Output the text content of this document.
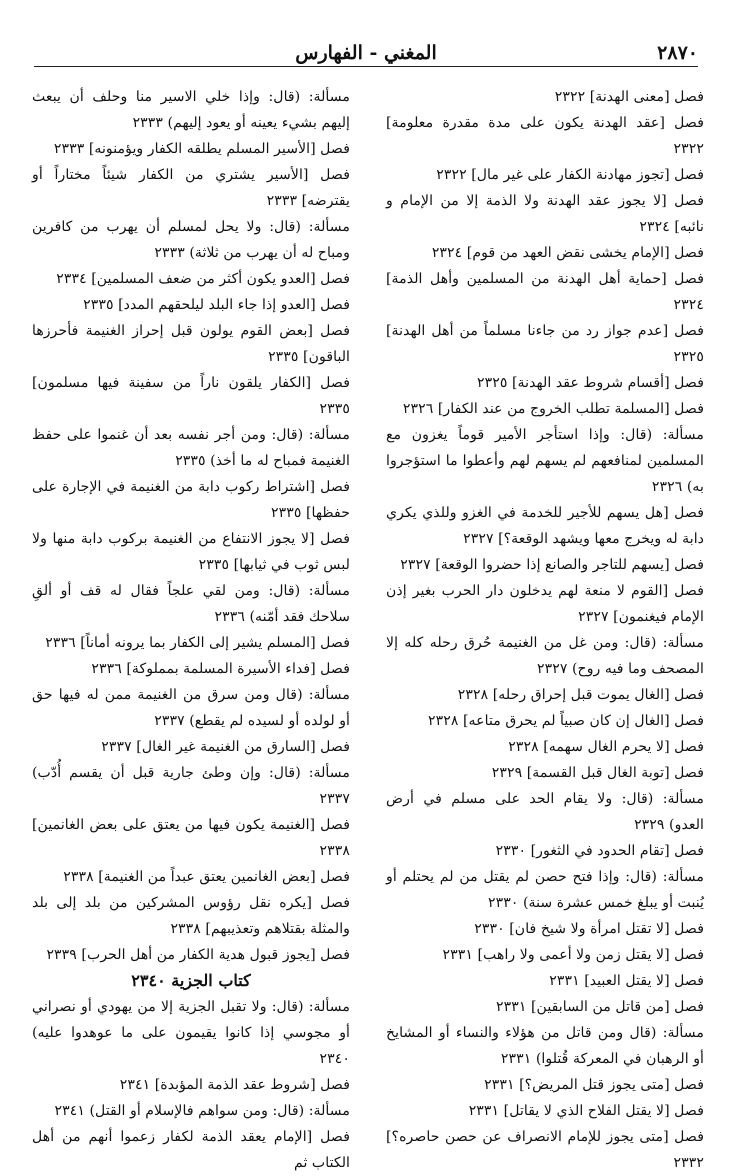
٢٨٧٠
المغني - الفهارس

فصل [معنى الهدنة] ٢٣٢٢

فصل [عقد الهدنة يكون على مدة مقدرة معلومة] ٢٣٢٢

فصل [تجوز مهادنة الكفار على غير مال] ٢٣٢٢

فصل [لا يجوز عقد الهدنة ولا الذمة إلا من الإمام و نائبه] ٢٣٢٤

فصل [الإمام يخشى نقض العهد من قوم] ٢٣٢٤

فصل [حماية أهل الهدنة من المسلمين وأهل الذمة] ٢٣٢٤

فصل [عدم جواز رد من جاءنا مسلماً من أهل الهدنة] ٢٣٢٥

فصل [أقسام شروط عقد الهدنة] ٢٣٢٥

فصل [المسلمة تطلب الخروج من عند الكفار] ٢٣٢٦

مسألة: (قال: وإذا استأجر الأمير قوماً يغزون مع المسلمين لمنافعهم لم يسهم لهم وأعطوا ما استؤجروا به) ٢٣٢٦

فصل [هل يسهم للأجير للخدمة في الغزو وللذي يكري دابة له ويخرج معها ويشهد الوقعة؟] ٢٣٢٧

فصل [يسهم للتاجر والصانع إذا حضروا الوقعة] ٢٣٢٧

فصل [القوم لا منعة لهم يدخلون دار الحرب بغير إذن الإمام فيغنمون] ٢٣٢٧

مسألة: (قال: ومن غل من الغنيمة حُرق رحله كله إلا المصحف وما فيه روح) ٢٣٢٧

فصل [الغال يموت قبل إحراق رحله] ٢٣٢٨

فصل [الغال إن كان صبياً لم يحرق متاعه] ٢٣٢٨

فصل [لا يحرم الغال سهمه] ٢٣٢٨

فصل [توبة الغال قبل القسمة] ٢٣٢٩

مسألة: (قال: ولا يقام الحد على مسلم في أرض العدو) ٢٣٢٩

فصل [تقام الحدود في الثغور] ٢٣٣٠

مسألة: (قال: وإذا فتح حصن لم يقتل من لم يحتلم أو يُنبت أو يبلغ خمس عشرة سنة) ٢٣٣٠

فصل [لا تقتل امرأة ولا شيخ فان] ٢٣٣٠

فصل [لا يقتل زمن ولا أعمى ولا راهب] ٢٣٣١

فصل [لا يقتل العبيد] ٢٣٣١

فصل [من قاتل من السابقين] ٢٣٣١

مسألة: (قال ومن قاتل من هؤلاء والنساء أو المشايخ أو الرهبان في المعركة قُتلوا) ٢٣٣١

فصل [متى يجوز قتل المريض؟] ٢٣٣١

فصل [لا يقتل الفلاح الذي لا يقاتل] ٢٣٣١

فصل [متى يجوز للإمام الانصراف عن حصن حاصره؟] ٢٣٣٢

مسألة: (قال: وإذا خلي الاسير منا وحلف أن يبعث إليهم بشيء يعينه أو يعود إليهم) ٢٣٣٣

فصل [الأسير المسلم يطلقه الكفار ويؤمنونه] ٢٣٣٣

فصل [الأسير يشتري من الكفار شيئاً مختاراً أو يقترضه] ٢٣٣٣

مسألة: (قال: ولا يحل لمسلم أن يهرب من كافرين ومباح له أن يهرب من ثلاثة) ٢٣٣٣

فصل [العدو يكون أكثر من ضعف المسلمين] ٢٣٣٤

فصل [العدو إذا جاء البلد ليلحقهم المدد] ٢٣٣٥

فصل [بعض القوم يولون قبل إحراز الغنيمة فأحرزها الباقون] ٢٣٣٥

فصل [الكفار يلقون ناراً من سفينة فيها مسلمون] ٢٣٣٥

مسألة: (قال: ومن أجر نفسه بعد أن غنموا على حفظ الغنيمة فمباح له ما أخذ) ٢٣٣٥

فصل [اشتراط ركوب دابة من الغنيمة في الإجارة على حفظها] ٢٣٣٥

فصل [لا يجوز الانتفاع من الغنيمة بركوب دابة منها ولا لبس ثوب في ثيابها] ٢٣٣٥

مسألة: (قال: ومن لقي علجاً فقال له قف أو ألقِ سلاحك فقد أمّنه) ٢٣٣٦

فصل [المسلم يشير إلى الكفار بما يرونه أماناً] ٢٣٣٦

فصل [فداء الأسيرة المسلمة بمملوكة] ٢٣٣٦

مسألة: (قال ومن سرق من الغنيمة ممن له فيها حق أو لولده أو لسيده لم يقطع) ٢٣٣٧

فصل [السارق من الغنيمة غير الغال] ٢٣٣٧

مسألة: (قال: وإن وطئ جارية قبل أن يقسم أُدّب) ٢٣٣٧

فصل [الغنيمة يكون فيها من يعتق على بعض الغانمين] ٢٣٣٨

فصل [بعض الغانمين يعتق عبداً من الغنيمة] ٢٣٣٨

فصل [يكره نقل رؤوس المشركين من بلد إلى بلد والمثلة بقتلاهم وتعذيبهم] ٢٣٣٨

فصل [يجوز قبول هدية الكفار من أهل الحرب] ٢٣٣٩

كتاب الجزية ٢٣٤٠

مسألة: (قال: ولا تقبل الجزية إلا من يهودي أو نصراني أو مجوسي إذا كانوا يقيمون على ما عوهدوا عليه) ٢٣٤٠

فصل [شروط عقد الذمة المؤبدة] ٢٣٤١

مسألة: (قال: ومن سواهم فالإسلام أو القتل) ٢٣٤١

فصل [الإمام يعقد الذمة لكفار زعموا أنهم من أهل الكتاب ثم
